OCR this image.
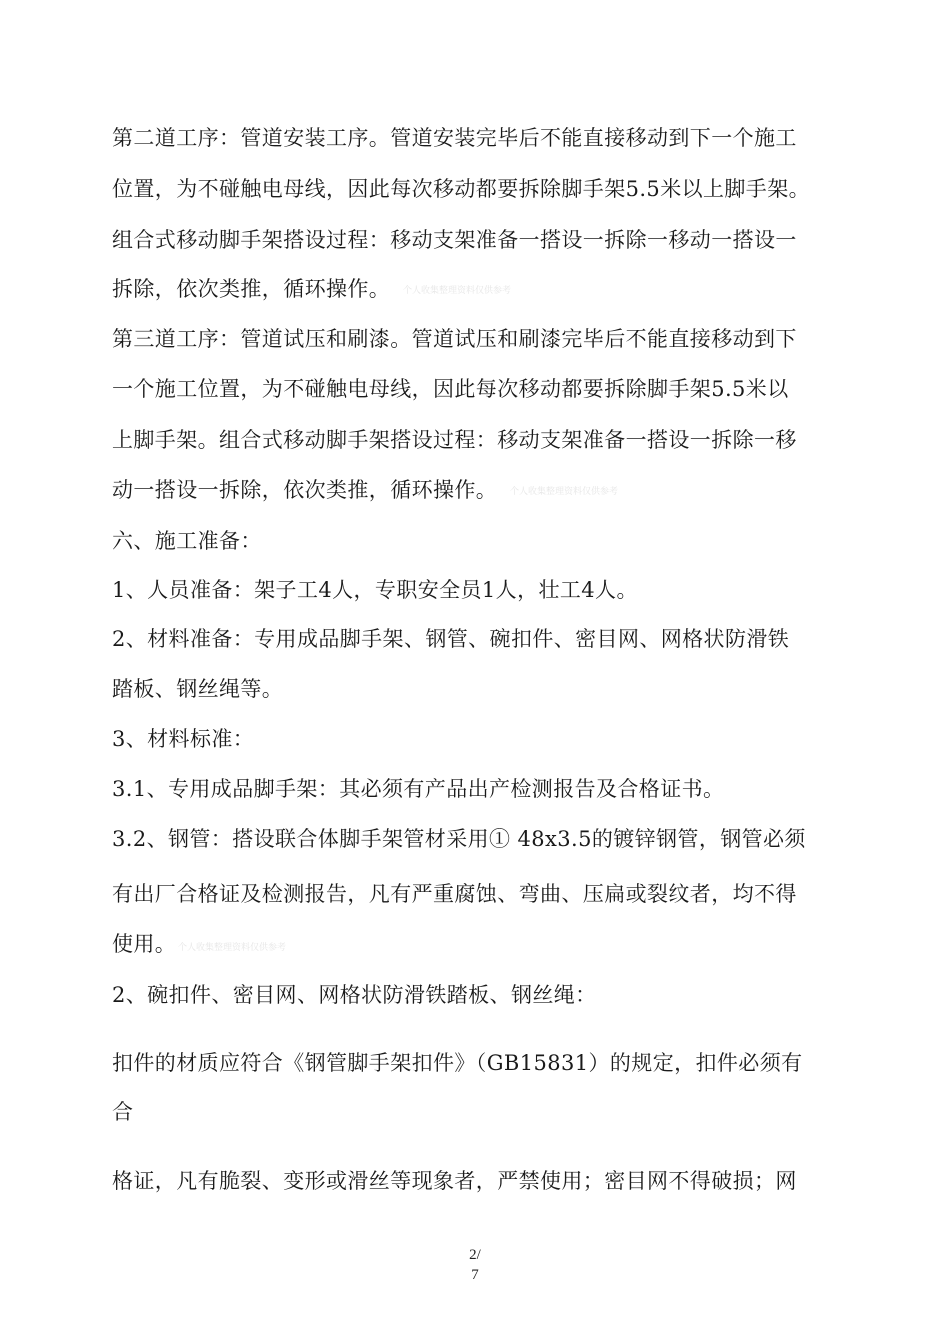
第二道工序：管道安装工序。管道安装完毕后不能直接移动到下一个施工
位置，为不碰触电母线，因此每次移动都要拆除脚手架5.5米以上脚手架。
组合式移动脚手架搭设过程：移动支架准备一搭设一拆除一移动一搭设一
拆除，依次类推，循环操作。 个人收集整理资料仅供参考
第三道工序：管道试压和刷漆。管道试压和刷漆完毕后不能直接移动到下
一个施工位置，为不碰触电母线，因此每次移动都要拆除脚手架5.5米以
上脚手架。组合式移动脚手架搭设过程：移动支架准备一搭设一拆除一移
动一搭设一拆除，依次类推，循环操作。 个人收集整理资料仅供参考
六、施工准备：
1、人员准备：架子工4人，专职安全员1人，壮工4人。
2、材料准备：专用成品脚手架、钢管、碗扣件、密目网、网格状防滑铁
踏板、钢丝绳等。
3、材料标准：
3.1、专用成品脚手架：其必须有产品出产检测报告及合格证书。
3.2、钢管：搭设联合体脚手架管材采用① 48x3.5的镀锌钢管，钢管必须
有出厂合格证及检测报告，凡有严重腐蚀、弯曲、压扁或裂纹者，均不得
使用。 个人收集整理资料仅供参考
2、碗扣件、密目网、网格状防滑铁踏板、钢丝绳：
扣件的材质应符合《钢管脚手架扣件》（GB15831）的规定，扣件必须有
合
格证，凡有脆裂、变形或滑丝等现象者，严禁使用；密目网不得破损；网
2/
7
